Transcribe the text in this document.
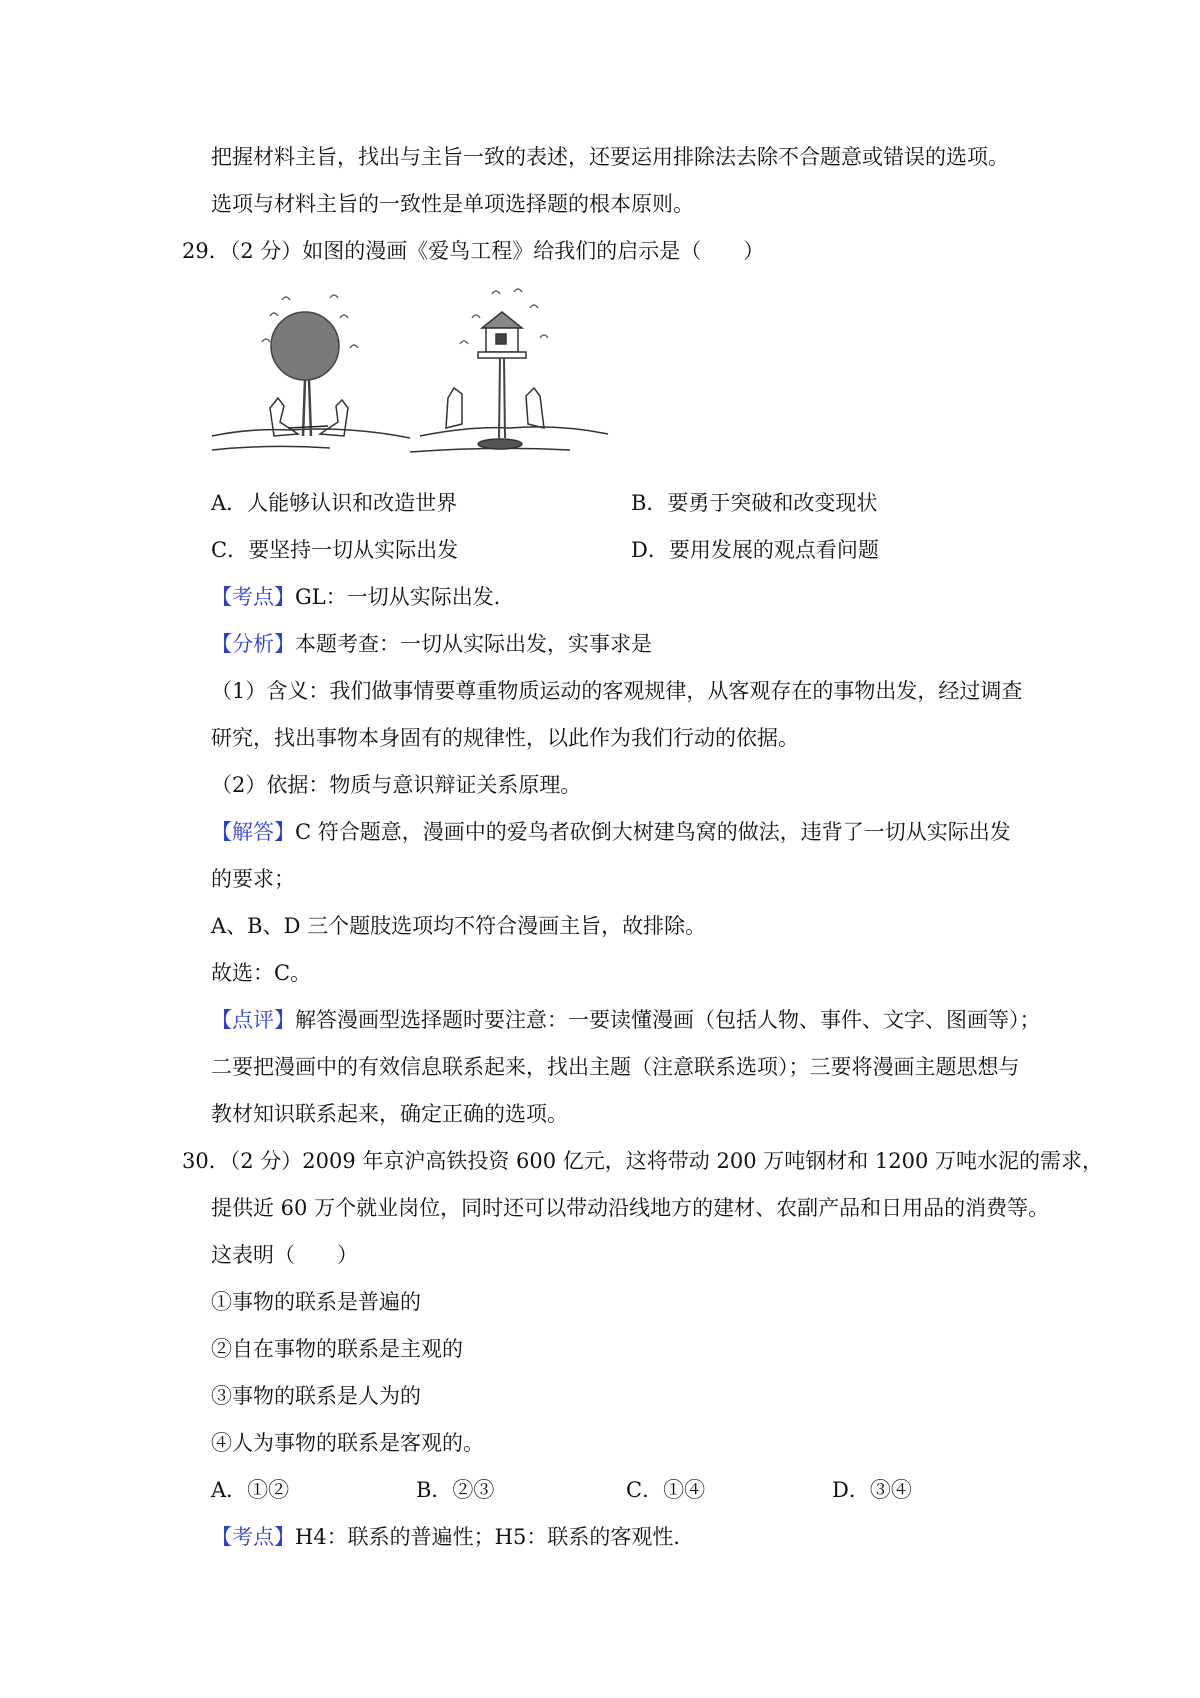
把握材料主旨，找出与主旨一致的表述，还要运用排除法去除不合题意或错误的选项。
选项与材料主旨的一致性是单项选择题的根本原则。
29．（2 分）如图的漫画《爱鸟工程》给我们的启示是（　　）
A．人能够认识和改造世界	B．要勇于突破和改变现状
C．要坚持一切从实际出发	D．要用发展的观点看问题
【考点】GL：一切从实际出发．
【分析】本题考查：一切从实际出发，实事求是
（1）含义：我们做事情要尊重物质运动的客观规律，从客观存在的事物出发，经过调查
研究，找出事物本身固有的规律性，以此作为我们行动的依据。
（2）依据：物质与意识辩证关系原理。
【解答】C 符合题意，漫画中的爱鸟者砍倒大树建鸟窝的做法，违背了一切从实际出发
的要求；
A、B、D 三个题肢选项均不符合漫画主旨，故排除。
故选：C。
【点评】解答漫画型选择题时要注意：一要读懂漫画（包括人物、事件、文字、图画等）；
二要把漫画中的有效信息联系起来，找出主题（注意联系选项）；三要将漫画主题思想与
教材知识联系起来，确定正确的选项。
30．（2 分）2009 年京沪高铁投资 600 亿元，这将带动 200 万吨钢材和 1200 万吨水泥的需求，
提供近 60 万个就业岗位，同时还可以带动沿线地方的建材、农副产品和日用品的消费等。
这表明（　　）
①事物的联系是普遍的
②自在事物的联系是主观的
③事物的联系是人为的
④人为事物的联系是客观的。
A．①②	B．②③	C．①④	D．③④
【考点】H4：联系的普遍性；H5：联系的客观性．
